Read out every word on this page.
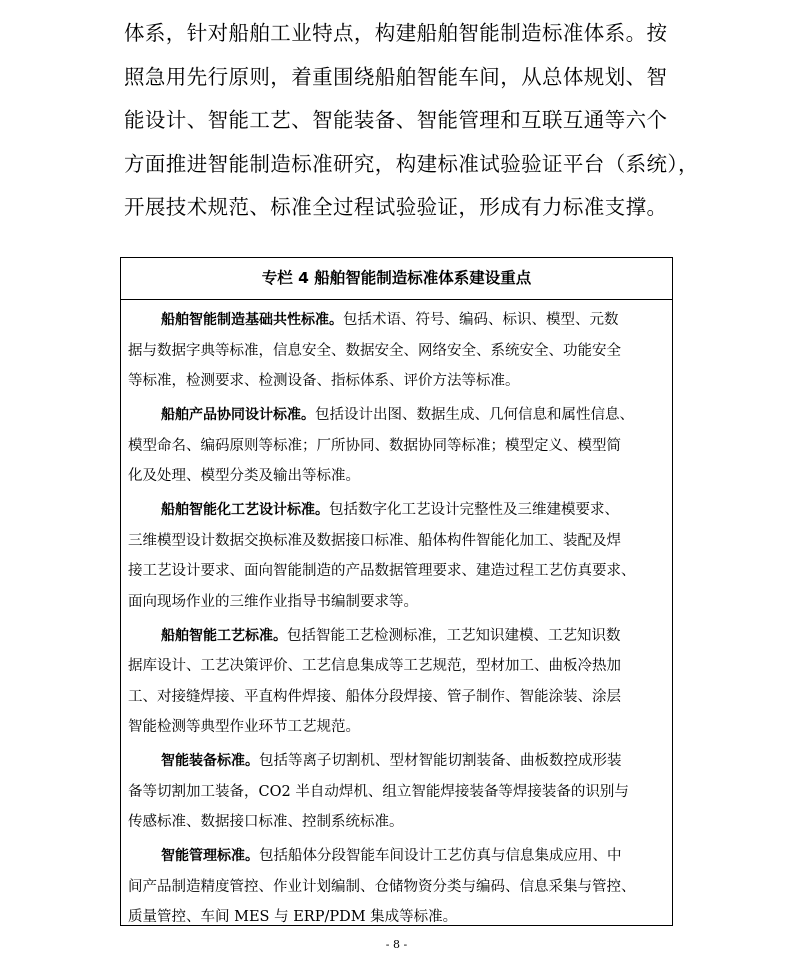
体系，针对船舶工业特点，构建船舶智能制造标准体系。按
照急用先行原则，着重围绕船舶智能车间，从总体规划、智
能设计、智能工艺、智能装备、智能管理和互联互通等六个
方面推进智能制造标准研究，构建标准试验验证平台（系统），
开展技术规范、标准全过程试验验证，形成有力标准支撑。
专栏 4 船舶智能制造标准体系建设重点
船舶智能制造基础共性标准。包括术语、符号、编码、标识、模型、元数
据与数据字典等标准，信息安全、数据安全、网络安全、系统安全、功能安全
等标准，检测要求、检测设备、指标体系、评价方法等标准。
船舶产品协同设计标准。包括设计出图、数据生成、几何信息和属性信息、
模型命名、编码原则等标准；厂所协同、数据协同等标准；模型定义、模型简
化及处理、模型分类及输出等标准。
船舶智能化工艺设计标准。包括数字化工艺设计完整性及三维建模要求、
三维模型设计数据交换标准及数据接口标准、船体构件智能化加工、装配及焊
接工艺设计要求、面向智能制造的产品数据管理要求、建造过程工艺仿真要求、
面向现场作业的三维作业指导书编制要求等。
船舶智能工艺标准。包括智能工艺检测标准，工艺知识建模、工艺知识数
据库设计、工艺决策评价、工艺信息集成等工艺规范，型材加工、曲板冷热加
工、对接缝焊接、平直构件焊接、船体分段焊接、管子制作、智能涂装、涂层
智能检测等典型作业环节工艺规范。
智能装备标准。包括等离子切割机、型材智能切割装备、曲板数控成形装
备等切割加工装备，CO2 半自动焊机、组立智能焊接装备等焊接装备的识别与
传感标准、数据接口标准、控制系统标准。
智能管理标准。包括船体分段智能车间设计工艺仿真与信息集成应用、中
间产品制造精度管控、作业计划编制、仓储物资分类与编码、信息采集与管控、
质量管控、车间 MES 与 ERP/PDM 集成等标准。
- 8 -
